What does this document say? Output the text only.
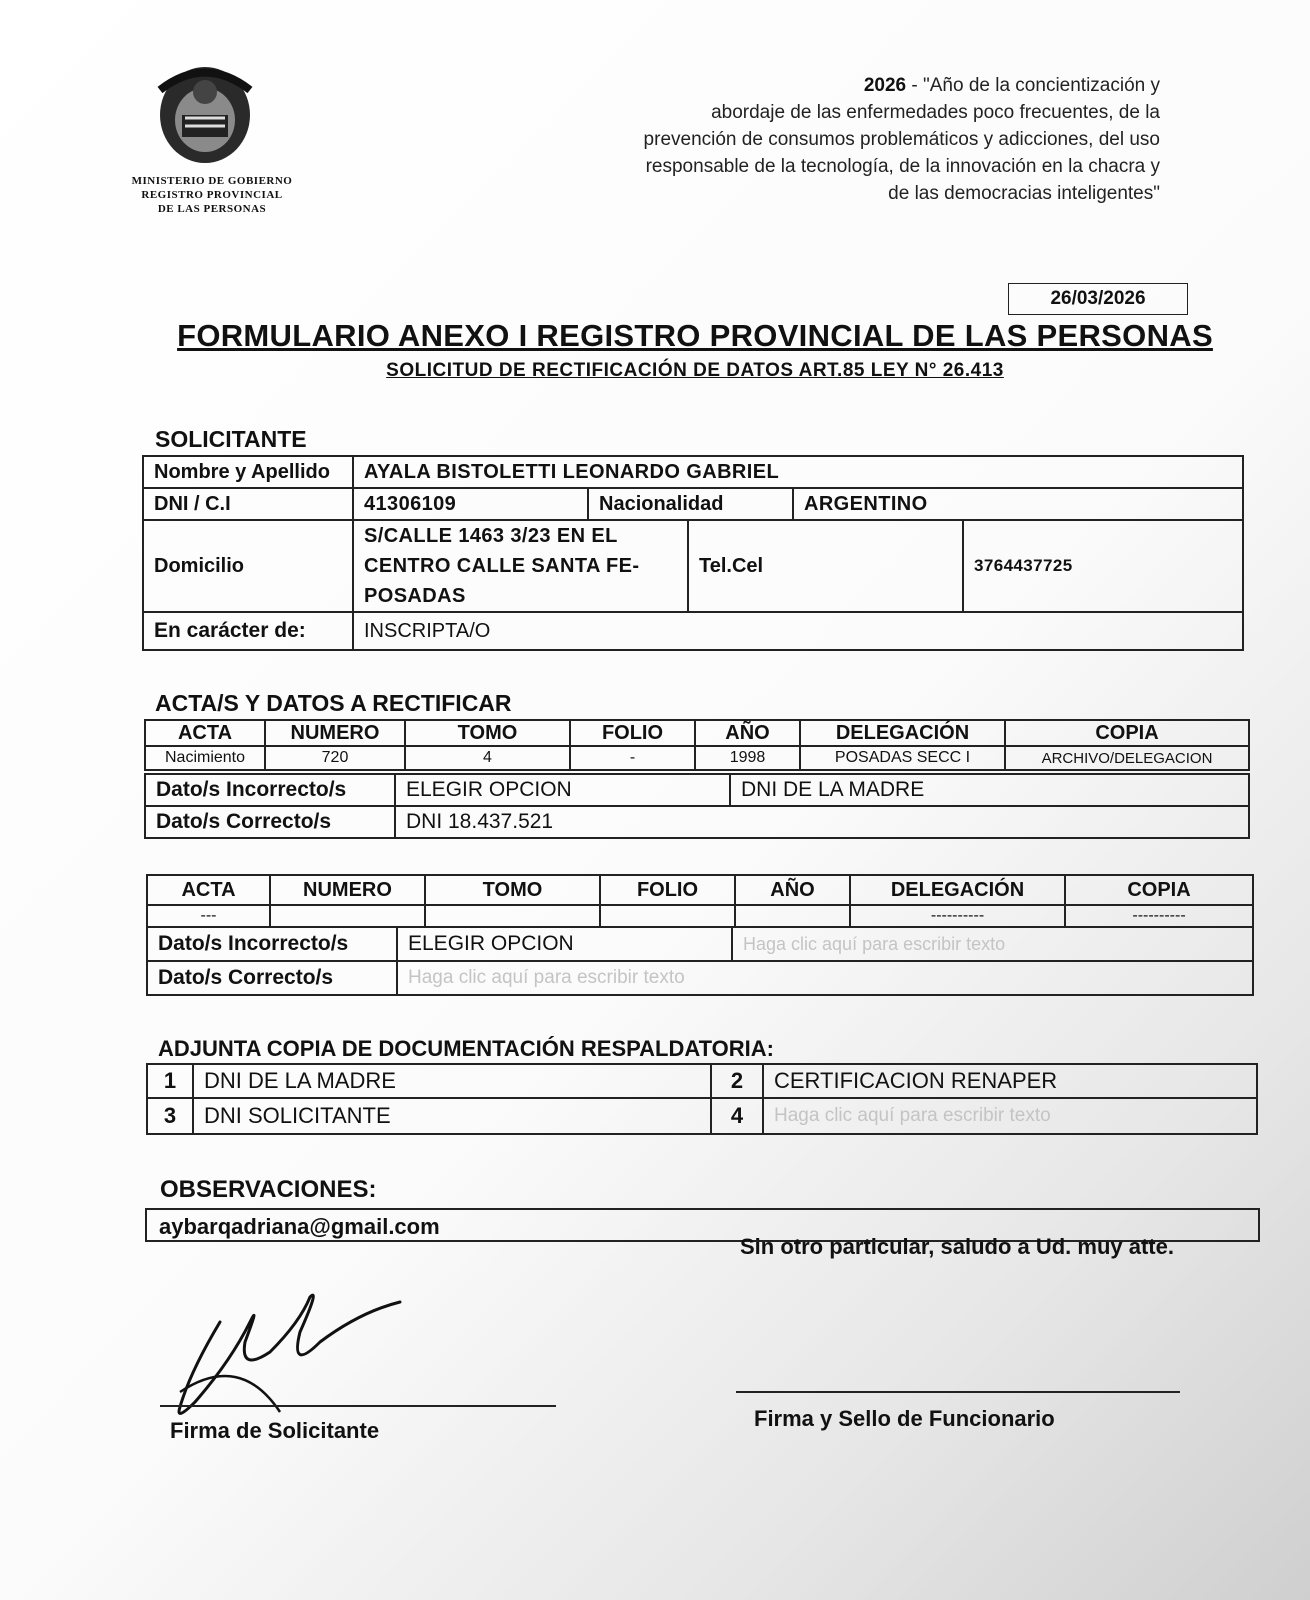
MINISTERIO DE GOBIERNO
REGISTRO PROVINCIAL
DE LAS PERSONAS
2026 - "Año de la concientización y
abordaje de las enfermedades poco frecuentes, de la
prevención de consumos problemáticos y adicciones, del uso
responsable de la tecnología, de la innovación en la chacra y
de las democracias inteligentes"
26/03/2026
FORMULARIO ANEXO I REGISTRO PROVINCIAL DE LAS PERSONAS
SOLICITUD DE RECTIFICACIÓN DE DATOS ART.85 LEY N° 26.413
SOLICITANTE
Nombre y Apellido	AYALA BISTOLETTI LEONARDO GABRIEL				
DNI / C.I	41306109	Nacionalidad		ARGENTINO	
Domicilio	S/CALLE 1463 3/23 EN EL
CENTRO CALLE SANTA FE-
POSADAS		Tel.Cel		3764437725
En carácter de:	INSCRIPTA/O				
ACTA/S Y DATOS A RECTIFICAR
ACTA	NUMERO	TOMO	FOLIO	AÑO	DELEGACIÓN	COPIA
Nacimiento	720	4	-	1998	POSADAS SECC I	ARCHIVO/DELEGACION
Dato/s Incorrecto/s	ELEGIR OPCION	DNI DE LA MADRE
Dato/s Correcto/s	DNI 18.437.521	
ACTA	NUMERO	TOMO	FOLIO	AÑO	DELEGACIÓN	COPIA
---					----------	----------
Dato/s Incorrecto/s	ELEGIR OPCION	Haga clic aquí para escribir texto
Dato/s Correcto/s	Haga clic aquí para escribir texto	
ADJUNTA COPIA DE DOCUMENTACIÓN RESPALDATORIA:
1	DNI DE LA MADRE	2	CERTIFICACION RENAPER
3	DNI SOLICITANTE	4	Haga clic aquí para escribir texto
OBSERVACIONES:
aybarqadriana@gmail.com
Sin otro particular, saludo a Ud. muy atte.
Firma de Solicitante	Firma y Sello de Funcionario
